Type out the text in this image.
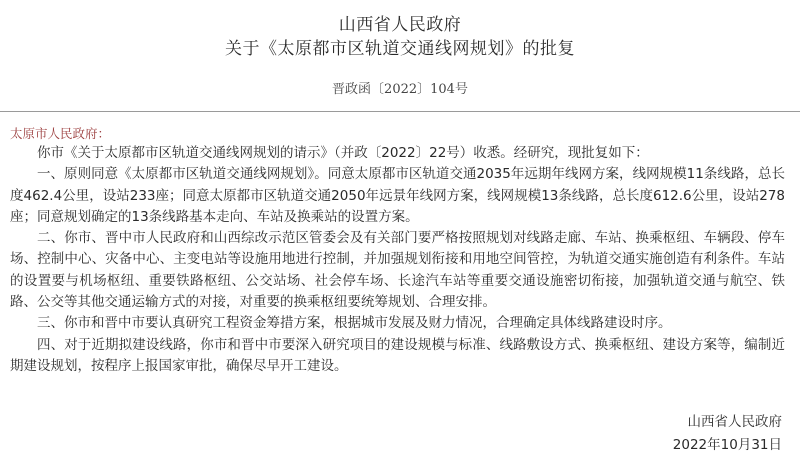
山西省人民政府
关于《太原都市区轨道交通线网规划》的批复
晋政函〔2022〕104号
太原市人民政府：

你市《关于太原都市区轨道交通线网规划的请示》（并政〔2022〕22号）收悉。经研究，现批复如下：

一、原则同意《太原都市区轨道交通线网规划》。同意太原都市区轨道交通2035年远期年线网方案，线网规模11条线路，总长度462.4公里，设站233座；同意太原都市区轨道交通2050年远景年线网方案，线网规模13条线路，总长度612.6公里，设站278座；同意规划确定的13条线路基本走向、车站及换乘站的设置方案。

二、你市、晋中市人民政府和山西综改示范区管委会及有关部门要严格按照规划对线路走廊、车站、换乘枢纽、车辆段、停车场、控制中心、灾备中心、主变电站等设施用地进行控制，并加强规划衔接和用地空间管控，为轨道交通实施创造有利条件。车站的设置要与机场枢纽、重要铁路枢纽、公交站场、社会停车场、长途汽车站等重要交通设施密切衔接，加强轨道交通与航空、铁路、公交等其他交通运输方式的对接，对重要的换乘枢纽要统筹规划、合理安排。

三、你市和晋中市要认真研究工程资金筹措方案，根据城市发展及财力情况，合理确定具体线路建设时序。

四、对于近期拟建设线路，你市和晋中市要深入研究项目的建设规模与标准、线路敷设方式、换乘枢纽、建设方案等，编制近期建设规划，按程序上报国家审批，确保尽早开工建设。

山西省人民政府
2022年10月31日
